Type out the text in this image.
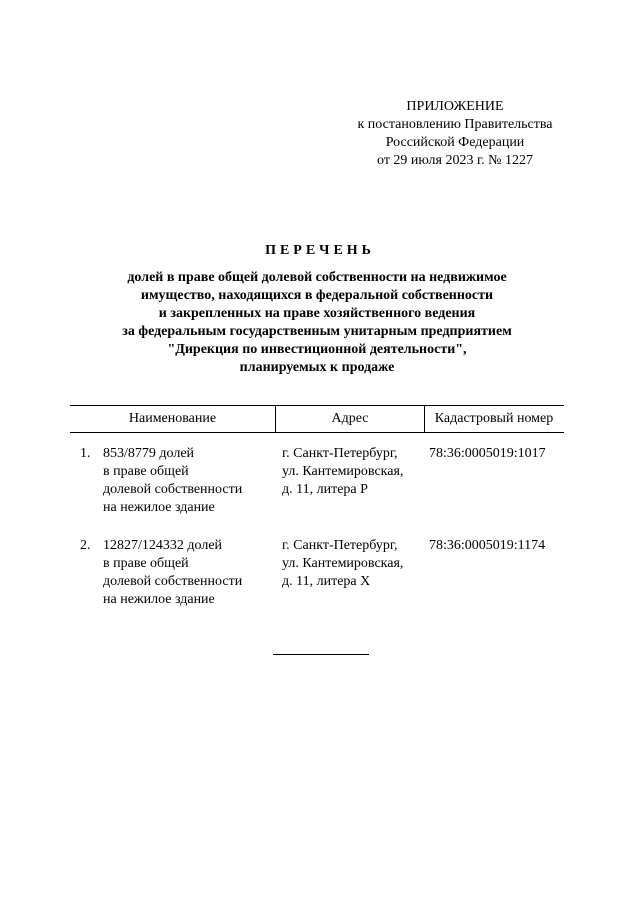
ПРИЛОЖЕНИЕ
к постановлению Правительства
Российской Федерации
от 29 июля 2023 г. № 1227
ПЕРЕЧЕНЬ
долей в праве общей долевой собственности на недвижимое
имущество, находящихся в федеральной собственности
и закрепленных на праве хозяйственного ведения
за федеральным государственным унитарным предприятием
"Дирекция по инвестиционной деятельности",
планируемых к продаже
Наименование	Адрес	Кадастровый номер
1. 853/8779 долей
в праве общей
долевой собственности
на нежилое здание
г. Санкт-Петербург,
ул. Кантемировская,
д. 11, литера Р
78:36:0005019:1017
2. 12827/124332 долей
в праве общей
долевой собственности
на нежилое здание
г. Санкт-Петербург,
ул. Кантемировская,
д. 11, литера Х
78:36:0005019:1174
